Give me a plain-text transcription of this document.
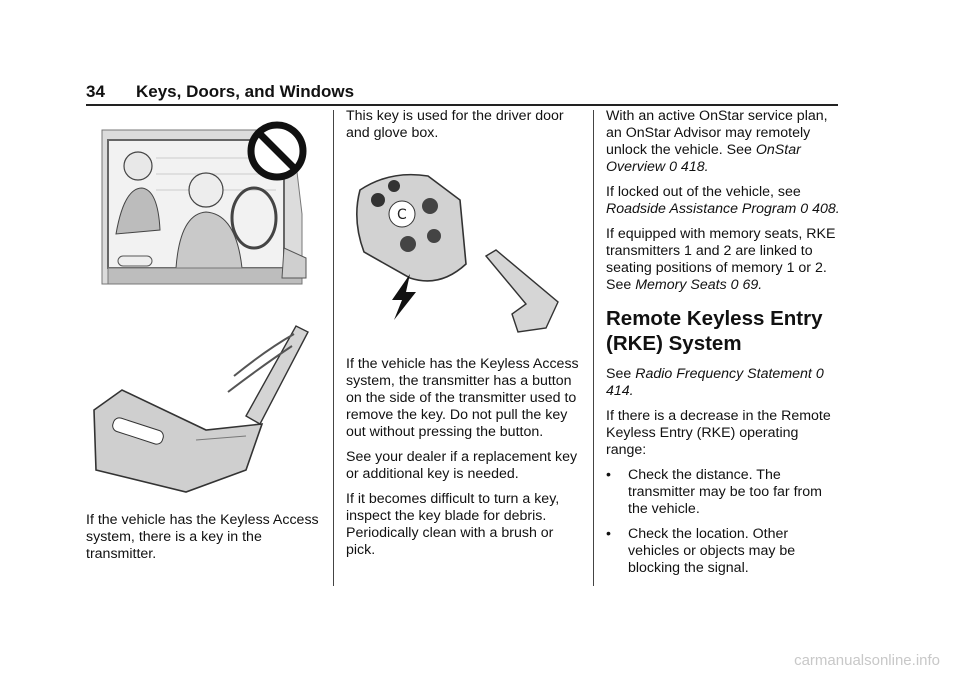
34 Keys, Doors, and Windows

If the vehicle has the Keyless Access system, there is a key in the transmitter.

This key is used for the driver door and glove box.

C

If the vehicle has the Keyless Access system, the transmitter has a button on the side of the transmitter used to remove the key. Do not pull the key out without pressing the button.

See your dealer if a replacement key or additional key is needed.

If it becomes difficult to turn a key, inspect the key blade for debris. Periodically clean with a brush or pick.

With an active OnStar service plan, an OnStar Advisor may remotely unlock the vehicle. See OnStar Overview 0 418.

If locked out of the vehicle, see Roadside Assistance Program 0 408.

If equipped with memory seats, RKE transmitters 1 and 2 are linked to seating positions of memory 1 or 2. See Memory Seats 0 69.

Remote Keyless Entry (RKE) System

See Radio Frequency Statement 0 414.

If there is a decrease in the Remote Keyless Entry (RKE) operating range:

• Check the distance. The transmitter may be too far from the vehicle.
• Check the location. Other vehicles or objects may be blocking the signal.
carmanualsonline.info
